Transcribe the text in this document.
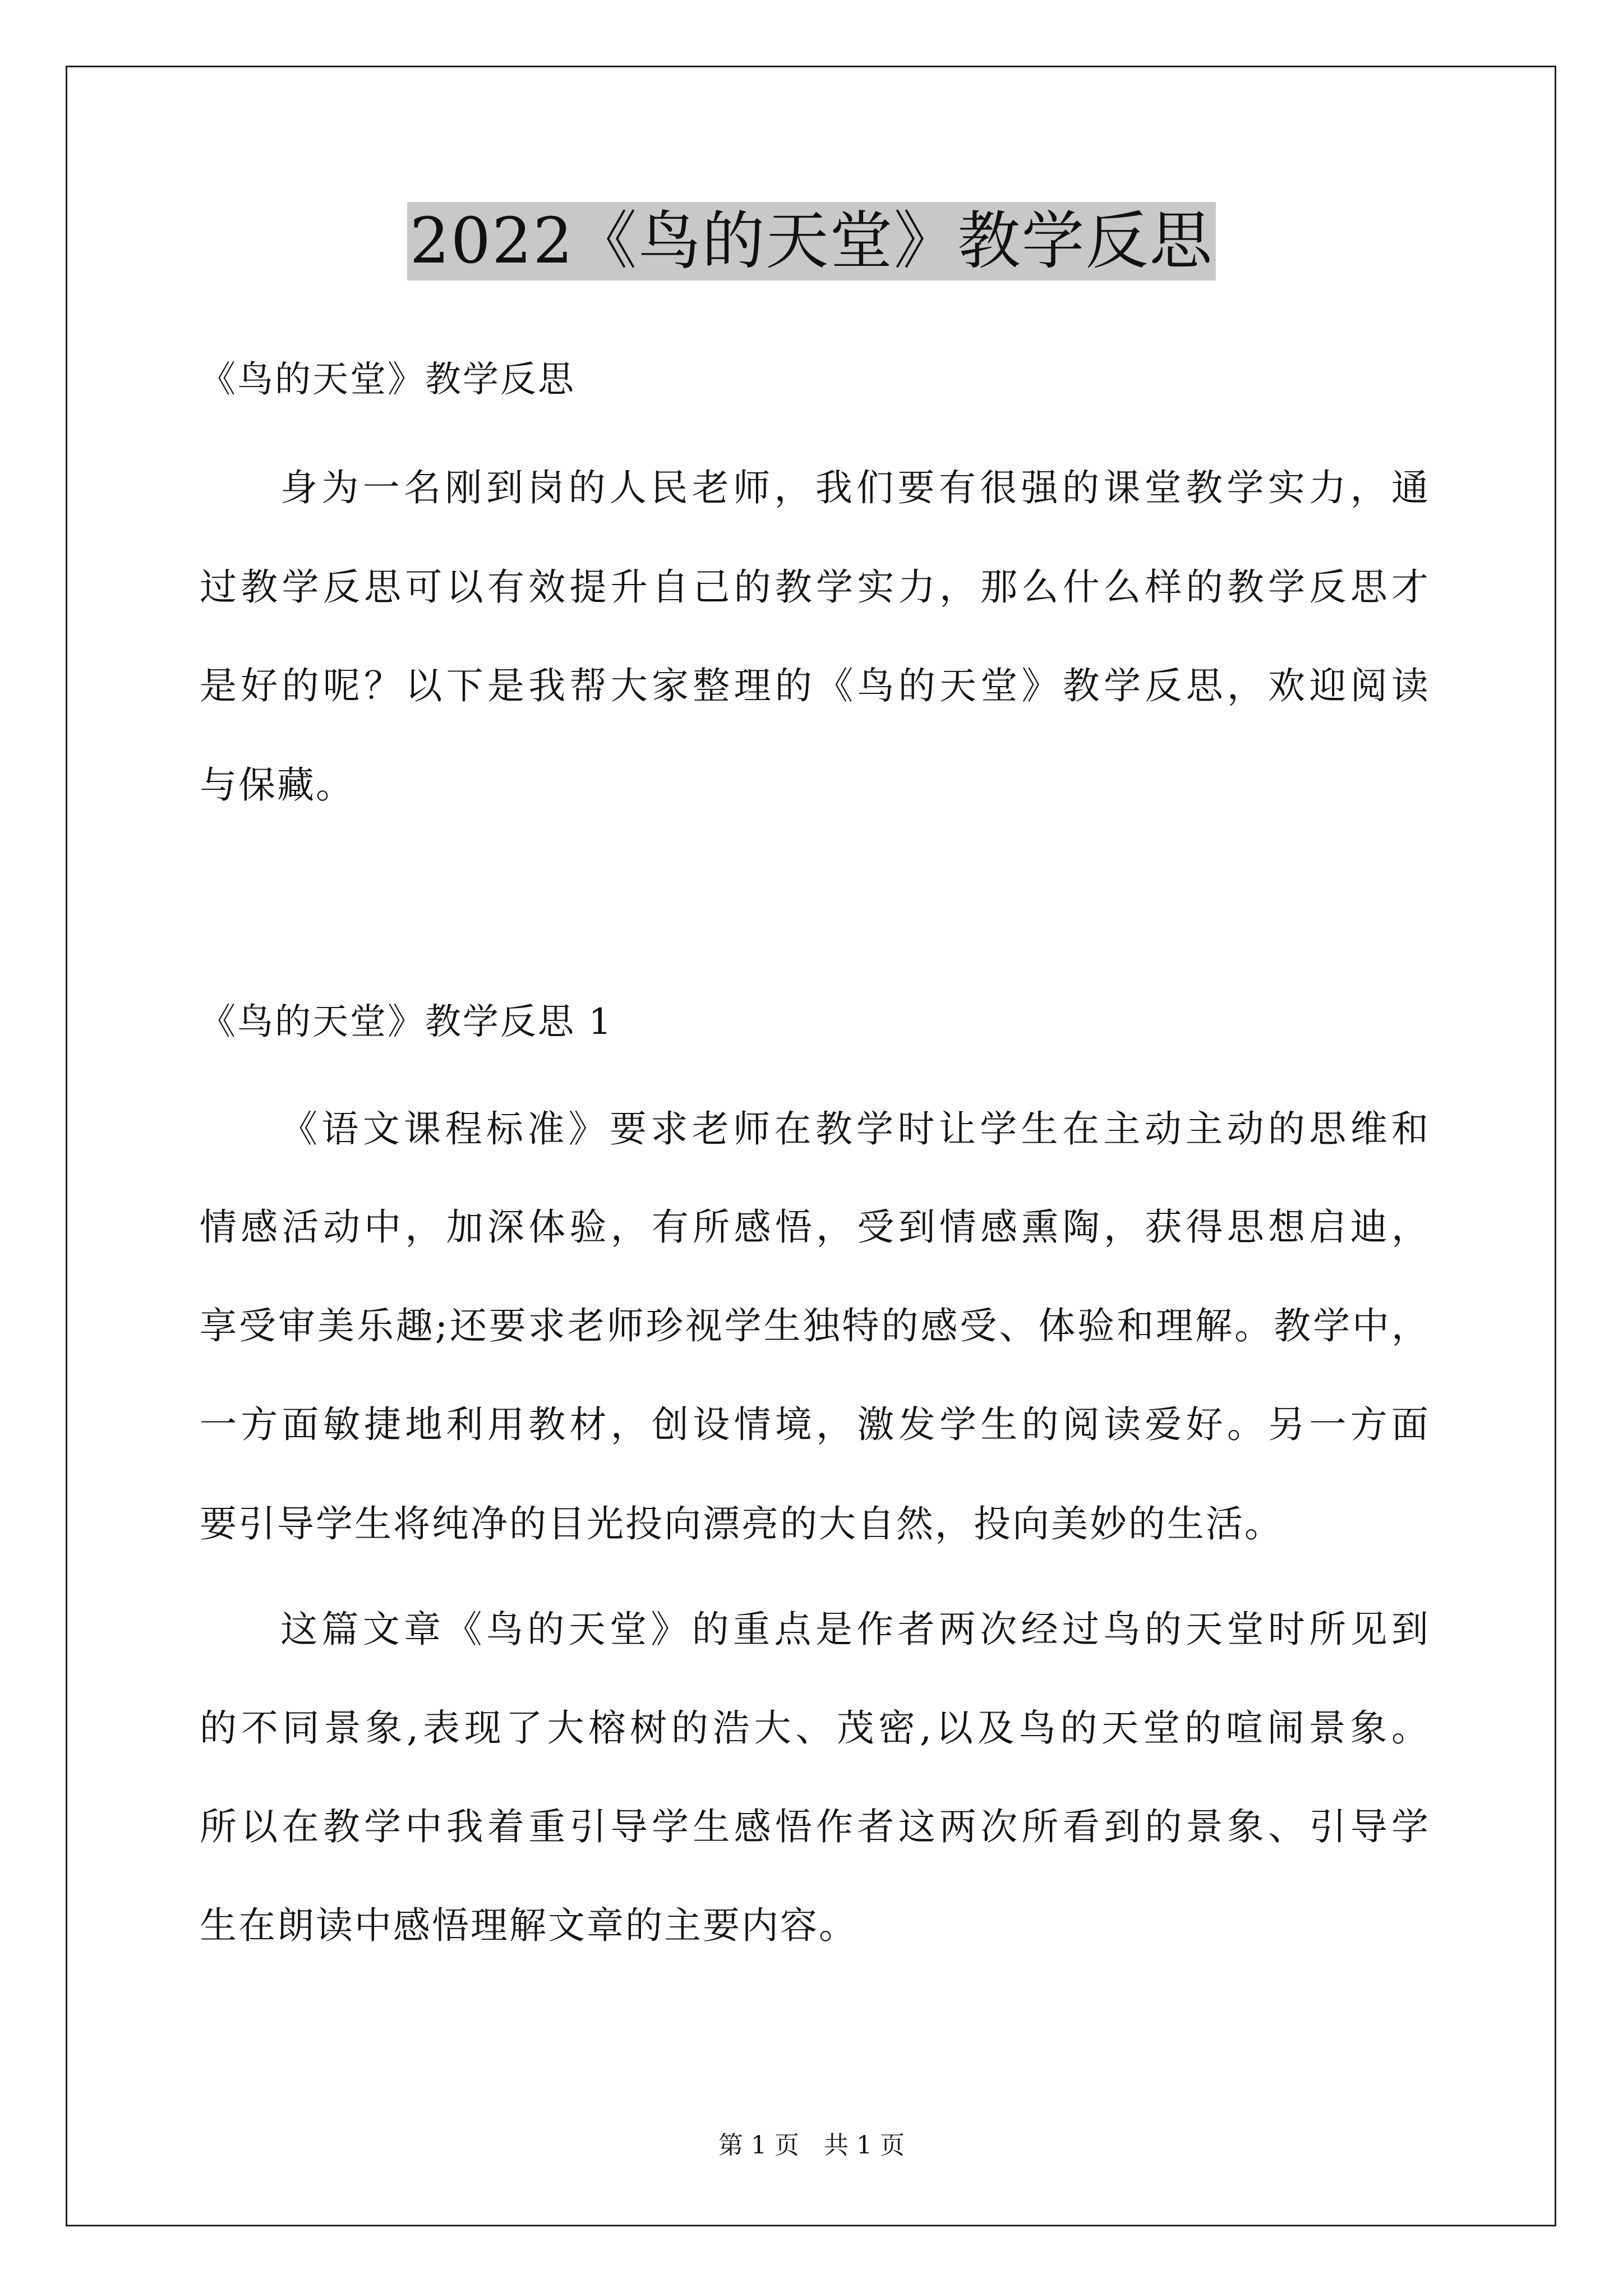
2022《鸟的天堂》教学反思

《鸟的天堂》教学反思

身为一名刚到岗的人民老师，我们要有很强的课堂教学实力，通

过教学反思可以有效提升自己的教学实力，那么什么样的教学反思才

是好的呢？以下是我帮大家整理的《鸟的天堂》教学反思，欢迎阅读

与保藏。

《鸟的天堂》教学反思 1

《语文课程标准》要求老师在教学时让学生在主动主动的思维和

情感活动中，加深体验，有所感悟，受到情感熏陶，获得思想启迪，

享受审美乐趣;还要求老师珍视学生独特的感受、体验和理解。教学中，

一方面敏捷地利用教材，创设情境，激发学生的阅读爱好。另一方面

要引导学生将纯净的目光投向漂亮的大自然，投向美妙的生活。

这篇文章《鸟的天堂》的重点是作者两次经过鸟的天堂时所见到

的不同景象,表现了大榕树的浩大、茂密,以及鸟的天堂的喧闹景象。

所以在教学中我着重引导学生感悟作者这两次所看到的景象、引导学

生在朗读中感悟理解文章的主要内容。

第 1 页　共 1 页
